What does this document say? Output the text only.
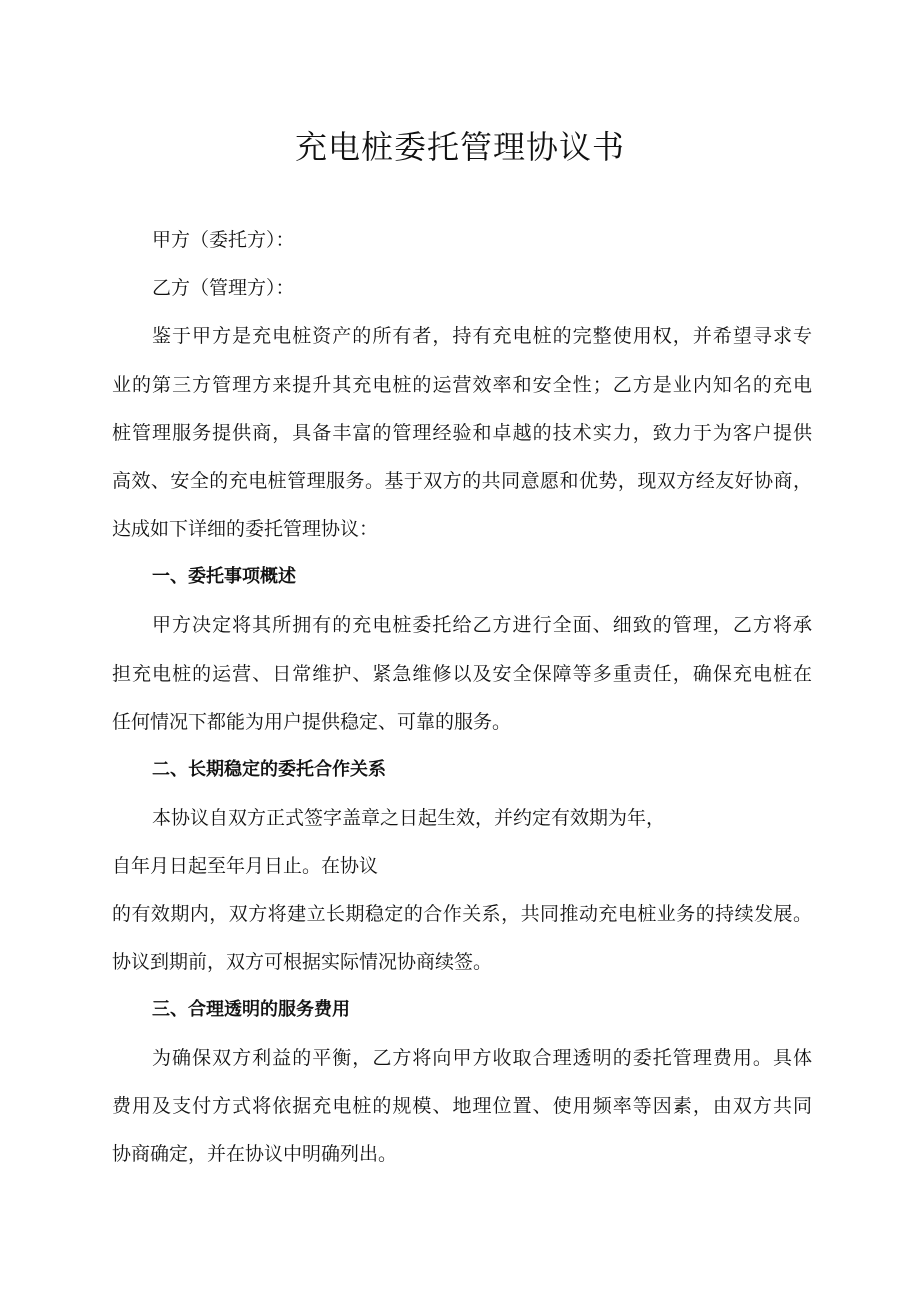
充电桩委托管理协议书

甲方（委托方）：

乙方（管理方）：

鉴于甲方是充电桩资产的所有者，持有充电桩的完整使用权，并希望寻求专

业的第三方管理方来提升其充电桩的运营效率和安全性；乙方是业内知名的充电

桩管理服务提供商，具备丰富的管理经验和卓越的技术实力，致力于为客户提供

高效、安全的充电桩管理服务。基于双方的共同意愿和优势，现双方经友好协商，

达成如下详细的委托管理协议：

一、委托事项概述

甲方决定将其所拥有的充电桩委托给乙方进行全面、细致的管理，乙方将承

担充电桩的运营、日常维护、紧急维修以及安全保障等多重责任，确保充电桩在

任何情况下都能为用户提供稳定、可靠的服务。

二、长期稳定的委托合作关系

本协议自双方正式签字盖章之日起生效，并约定有效期为年，

自年月日起至年月日止。在协议

的有效期内，双方将建立长期稳定的合作关系，共同推动充电桩业务的持续发展。

协议到期前，双方可根据实际情况协商续签。

三、合理透明的服务费用

为确保双方利益的平衡，乙方将向甲方收取合理透明的委托管理费用。具体

费用及支付方式将依据充电桩的规模、地理位置、使用频率等因素，由双方共同

协商确定，并在协议中明确列出。
